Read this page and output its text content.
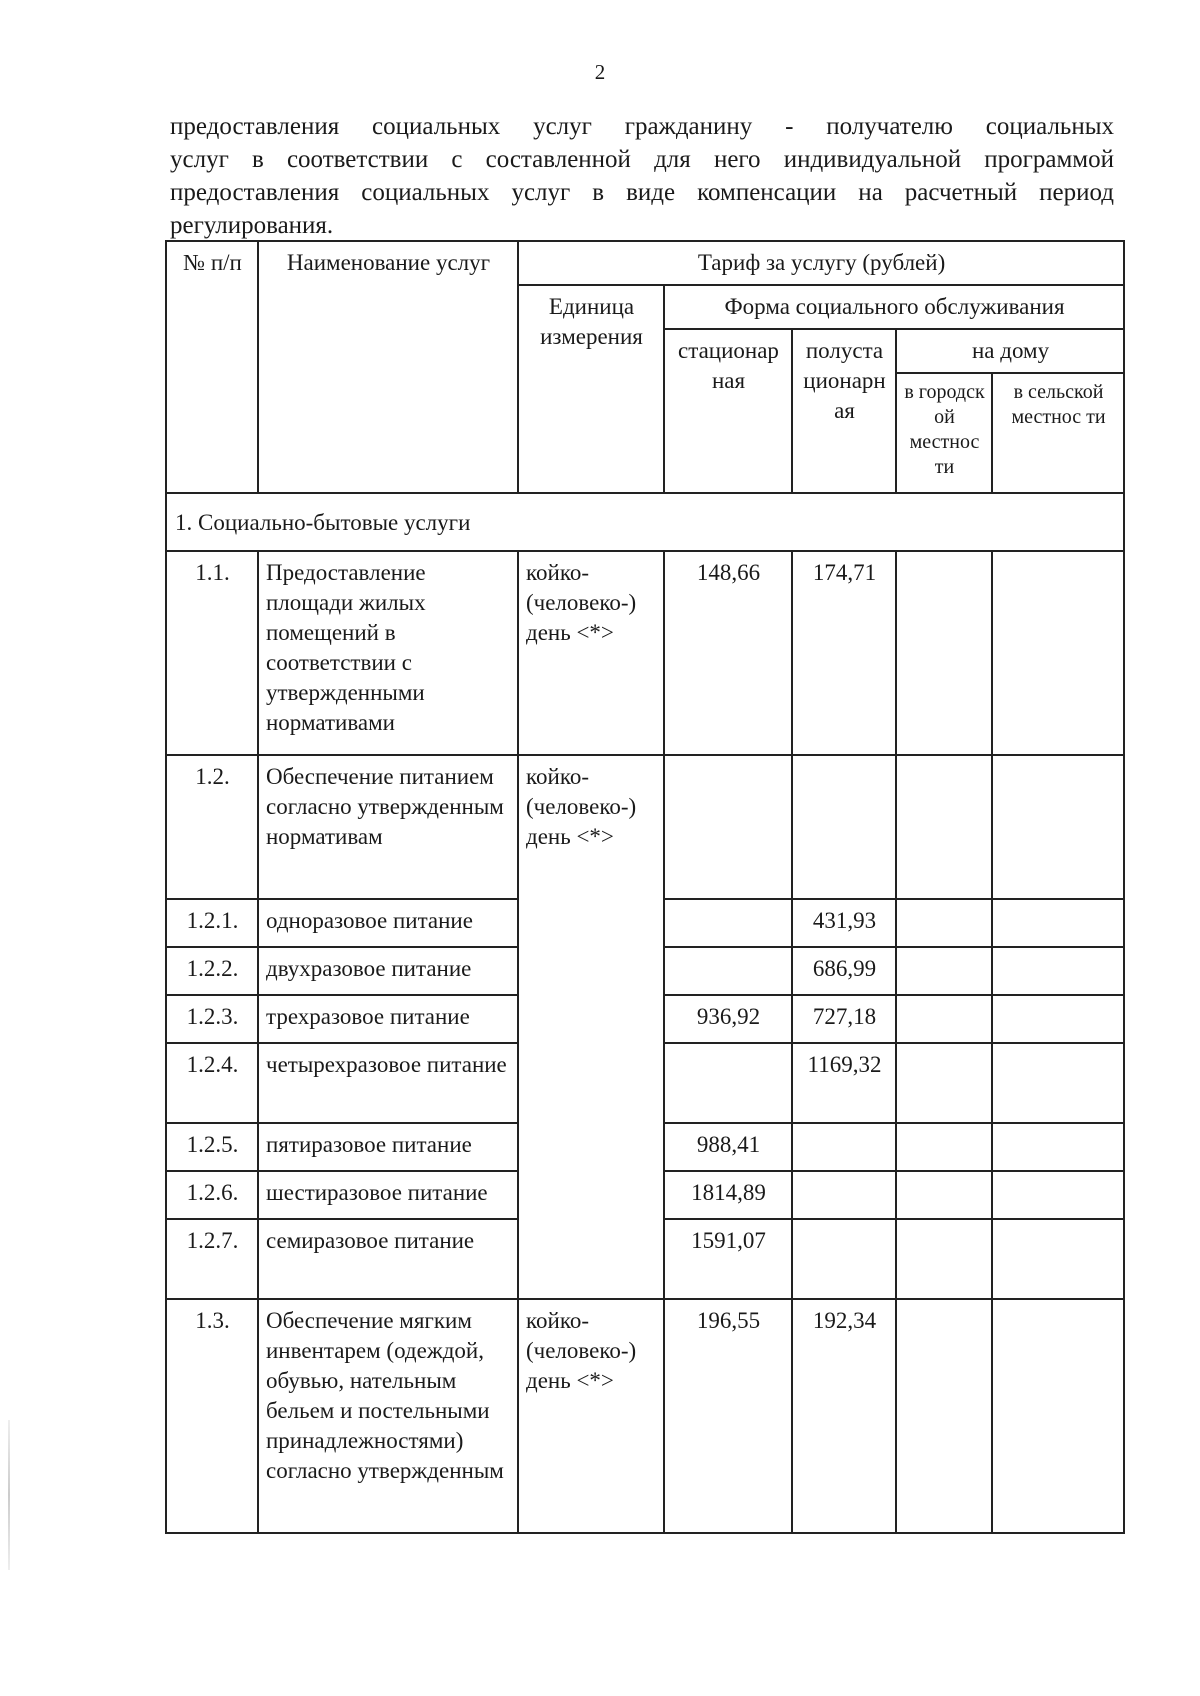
2
предоставления социальных услуг гражданину - получателю социальных
услуг в соответствии с составленной для него индивидуальной программой
предоставления социальных услуг в виде компенсации на расчетный период
регулирования.
№ п/п	Наименование услуг	Тариф за услугу (рублей)				
		Единица измерения	Форма социального обслуживания			
			стационар ная	полуста ционарн ая	на дому	
					в городск ой местнос ти	в сельской местнос ти
1. Социально-бытовые услуги						
1.1.	Предоставление площади жилых помещений в соответствии с утвержденными нормативами	койко-(человеко-) день <*>	148,66	174,71		
1.2.	Обеспечение питанием согласно утвержденным нормативам	койко-(человеко-) день <*>				
1.2.1.	одноразовое питание			431,93		
1.2.2.	двухразовое питание			686,99		
1.2.3.	трехразовое питание		936,92	727,18		
1.2.4.	четырехразовое питание			1169,32		
1.2.5.	пятиразовое питание		988,41			
1.2.6.	шестиразовое питание		1814,89			
1.2.7.	семиразовое питание		1591,07			
1.3.	Обеспечение мягким инвентарем (одеждой, обувью, нательным бельем и постельными принадлежностями) согласно утвержденным	койко-(человеко-) день <*>	196,55	192,34		
